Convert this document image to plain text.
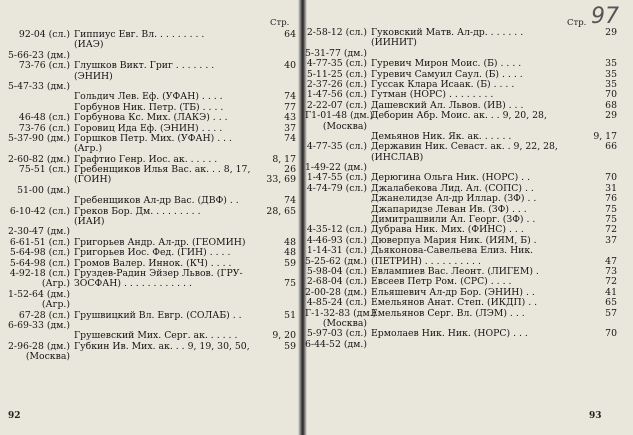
Стр.
92-04 (сл.) Гиппиус Евг. Вл. . . . . . . . .	64
(ИАЭ)
5-66-23 (дм.)
73-76 (сл.) Глушков Викт. Григ . . . . . . .	40
(ЭНИН)
5-47-33 (дм.)
Гольдич Лев. Еф. (УФАН) . . . .	74
Горбунов Ник. Петр. (ТБ) . . . .	77
46-48 (сл.) Горбунова Кс. Мих. (ЛАКЭ) . . .	43
73-76 (сл.) Горовиц Ида Еф. (ЭНИН) . . . .	37
5-37-90 (дм.) Горшков Петр. Мих. (УФАН) . . .	74
(Агр.)
2-60-82 (дм.) Графтио Генр. Иос. ак. . . . . .	8, 17
75-51 (сл.) Гребенщиков Илья Вас. ак. . . 8, 17,	26
(ГОИН)	33, 69
51-00 (дм.)
Гребенщиков Ал-др Вас. (ДВФ) . .	74
6-10-42 (сл.) Греков Бор. Дм. . . . . . . . .	28, 65
(ИАИ)
2-30-47 (дм.)
6-61-51 (сл.) Григорьев Андр. Ал-др. (ГЕОМИН)	48
5-64-98 (сл.) Григорьев Иос. Фед. (ГИН) . . . .	48
5-64-98 (сл.) Громов Валер. Иннок. (КЧ) . . . .	59
4-92-18 (сл.) Груздев-Радин Эйзер Львов. (ГРУ-
(Агр.) ЗОСФАН) . . . . . . . . . . . .	75
1-52-64 (дм.)
(Агр.)
67-28 (сл.) Грушвицкий Вл. Евгр. (СОЛАБ) . .	51
6-69-33 (дм.)
Грушевский Мих. Серг. ак. . . . . .	9, 20
2-96-28 (дм.) Губкин Ив. Мих. ак. . . 9, 19, 30, 50,	59
(Москва)
92
Стр. 97
2-58-12 (сл.) Гуковский Матв. Ал-др. . . . . . .	29
(ИИНИТ)
5-31-77 (дм.)
4-77-35 (сл.) Гуревич Мирон Моис. (Б) . . . .	35
5-11-25 (сл.) Гуревич Самуил Саул. (Б) . . . .	35
2-37-26 (сл.) Гуссак Клара Исаак. (Б) . . . .	35
1-47-56 (сл.) Гутман (НОРС) . . . . . . . .	70
2-22-07 (сл.) Дашевский Ал. Львов. (ИВ) . . .	68
Г1-01-48 (дм.)
Деборин Абр. Моис. ак. . . 9, 20, 28,	29
(Москва)
Демьянов Ник. Як. ак. . . . . .	9, 17
4-77-35 (сл.) Державин Ник. Севаст. ак. . 9, 22, 28,	66
(ИНСЛАВ)
1-49-22 (дм.)
1-47-55 (сл.) Дерюгина Ольга Ник. (НОРС) . .	70
4-74-79 (сл.) Джалабекова Лид. Ал. (СОПС) . .	31
Джанелидзе Ал-др Иллар. (ЗФ) . .	76
Джапаридзе Леван Ив. (ЗФ) . . .	75
Димитрашвили Ал. Георг. (ЗФ) . .	75
4-35-12 (сл.) Дубрава Ник. Мих. (ФИНС) . . .	72
4-46-93 (сл.) Дюверпуа Мария Ник. (ИЯМ, Б) .	37
1-14-31 (сл.) Дьяконова-Савельева Елиз. Ник.
5-25-62 (дм.) (ПЕТРИН) . . . . . . . . . .	47
5-98-04 (сл.) Евлампиев Вас. Леонт. (ЛИГЕМ) .	73
2-68-04 (сл.) Евсеев Петр Ром. (СРС) . . . .	72
2-00-28 (дм.) Ельяшевич Ал-др Бор. (ЭНИН) . .	41
4-85-24 (сл.) Емельянов Анат. Степ. (ИКДП) . .	65
Г-1-32-83 (дм.)
Емельянов Серг. Вл. (ЛЭМ) . . .	57
(Москва)
5-97-03 (сл.) Ермолаев Ник. Ник. (НОРС) . . .	70
6-44-52 (дм.)
93
